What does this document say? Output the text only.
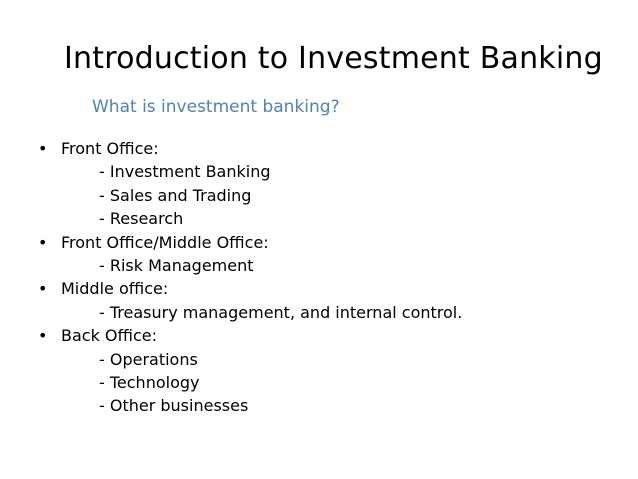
Introduction to Investment Banking
What is investment banking?
• Front Office:
- Investment Banking
- Sales and Trading
- Research
• Front Office/Middle Office:
- Risk Management
• Middle office:
- Treasury management, and internal control.
• Back Office:
- Operations
- Technology
- Other businesses
